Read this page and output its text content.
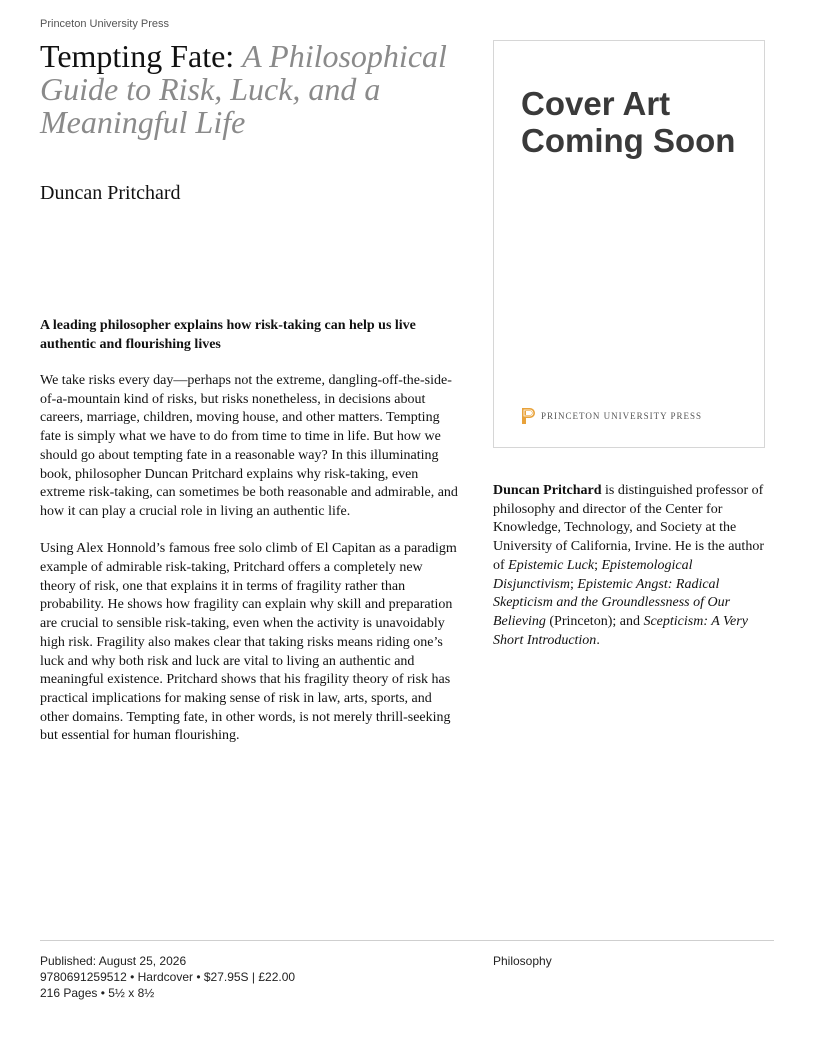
Princeton University Press
Tempting Fate: A Philosophical Guide to Risk, Luck, and a Meaningful Life
Duncan Pritchard
A leading philosopher explains how risk-taking can help us live authentic and flourishing lives

We take risks every day—perhaps not the extreme, dangling-off-the-side-of-a-mountain kind of risks, but risks nonetheless, in decisions about careers, marriage, children, moving house, and other matters. Tempting fate is simply what we have to do from time to time in life. But how we should go about tempting fate in a reasonable way? In this illuminating book, philosopher Duncan Pritchard explains why risk-taking, even extreme risk-taking, can sometimes be both reasonable and admirable, and how it can play a crucial role in living an authentic life.

Using Alex Honnold’s famous free solo climb of El Capitan as a paradigm example of admirable risk-taking, Pritchard offers a completely new theory of risk, one that explains it in terms of fragility rather than probability. He shows how fragility can explain why skill and preparation are crucial to sensible risk-taking, even when the activity is unavoidably high risk. Fragility also makes clear that taking risks means riding one’s luck and why both risk and luck are vital to living an authentic and meaningful existence. Pritchard shows that his fragility theory of risk has practical implications for making sense of risk in law, arts, sports, and other domains. Tempting fate, in other words, is not merely thrill-seeking but essential for human flourishing.

Cover Art
Coming Soon
PRINCETON UNIVERSITY PRESS
Duncan Pritchard is distinguished professor of philosophy and director of the Center for Knowledge, Technology, and Society at the University of California, Irvine. He is the author of Epistemic Luck; Epistemological Disjunctivism; Epistemic Angst: Radical Skepticism and the Groundlessness of Our Believing (Princeton); and Scepticism: A Very Short Introduction.
Published: August 25, 2026
9780691259512 • Hardcover • $27.95S | £22.00
216 Pages • 5½ x 8½
Philosophy
